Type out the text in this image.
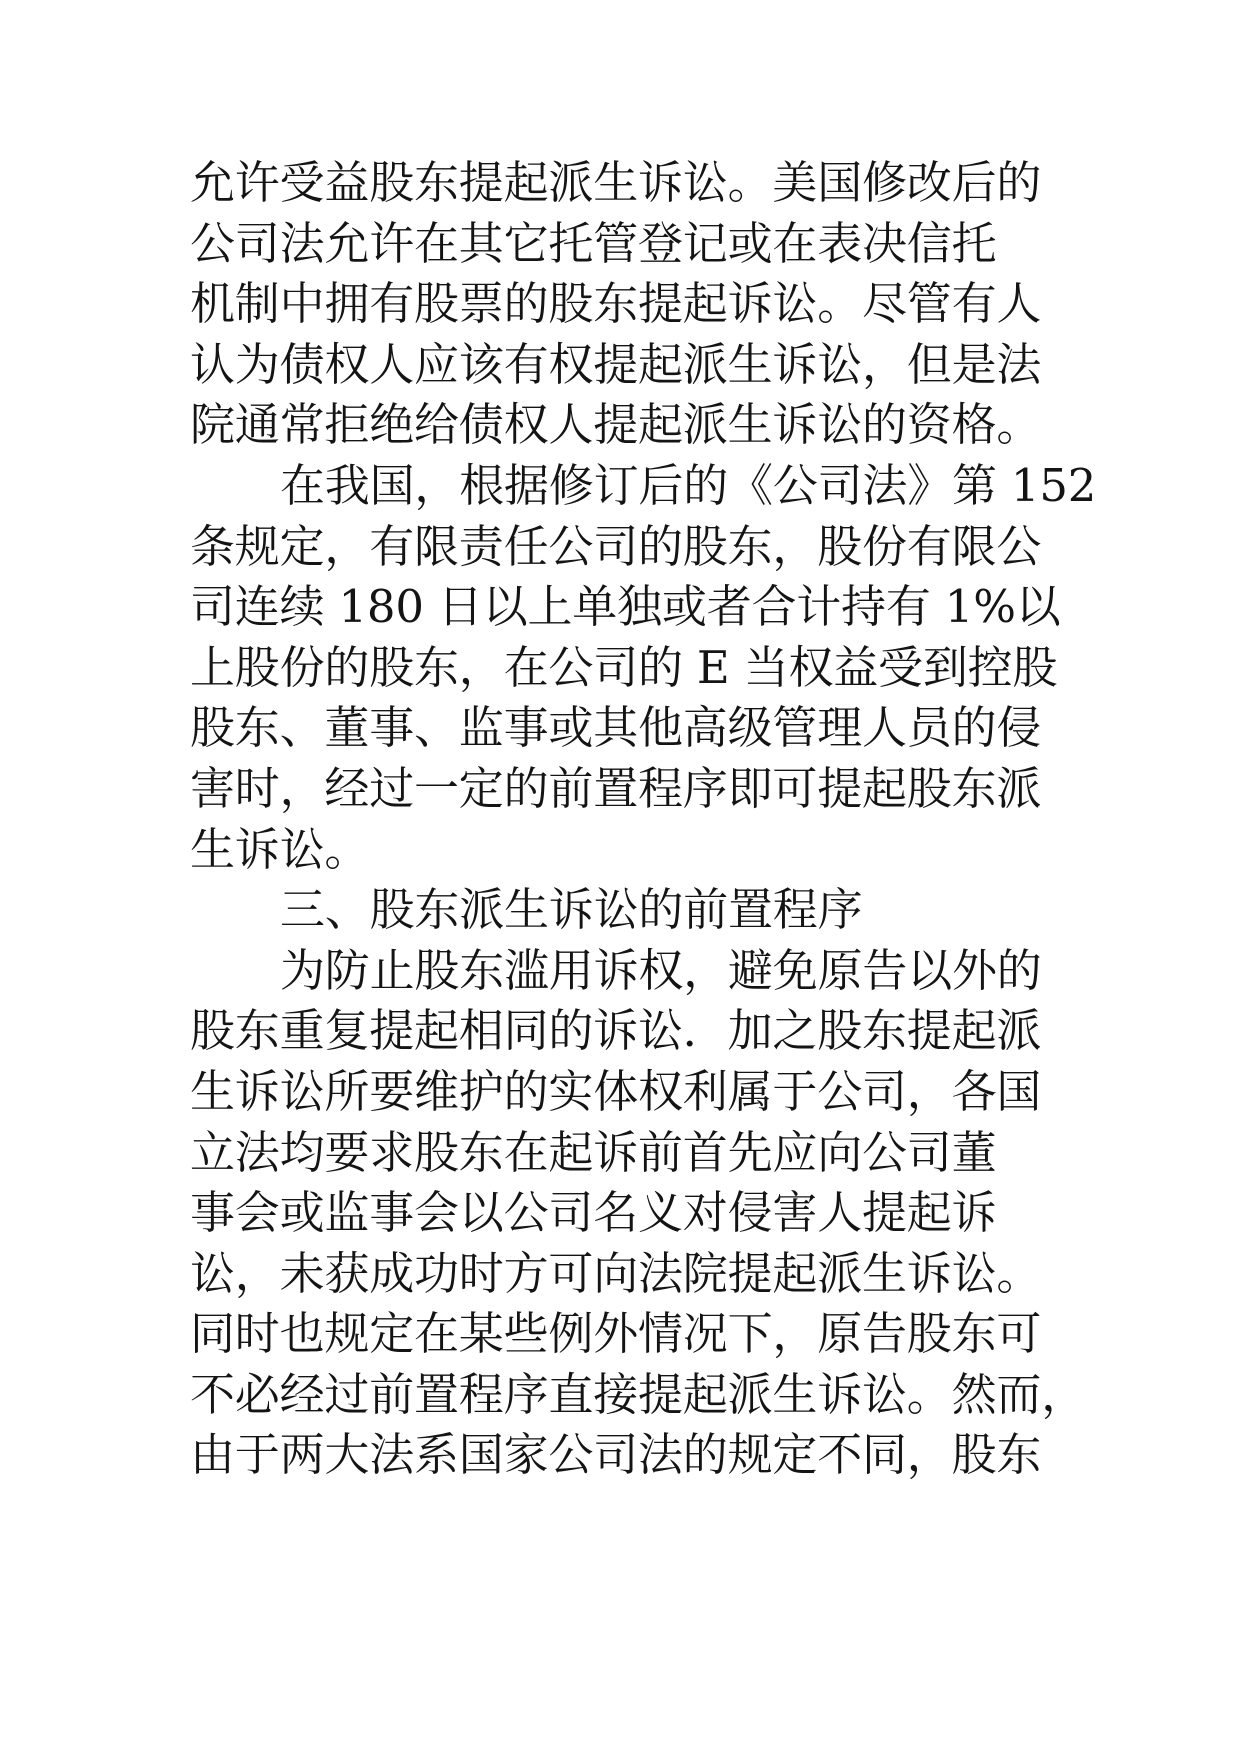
允许受益股东提起派生诉讼。美国修改后的
公司法允许在其它托管登记或在表决信托
机制中拥有股票的股东提起诉讼。尽管有人
认为债权人应该有权提起派生诉讼，但是法
院通常拒绝给债权人提起派生诉讼的资格。
在我国，根据修订后的《公司法》第 152
条规定，有限责任公司的股东，股份有限公
司连续 180 日以上单独或者合计持有 1%以
上股份的股东，在公司的 E 当权益受到控股
股东、董事、监事或其他高级管理人员的侵
害时，经过一定的前置程序即可提起股东派
生诉讼。
三、股东派生诉讼的前置程序
为防止股东滥用诉权，避免原告以外的
股东重复提起相同的诉讼．加之股东提起派
生诉讼所要维护的实体权利属于公司，各国
立法均要求股东在起诉前首先应向公司董
事会或监事会以公司名义对侵害人提起诉
讼，未获成功时方可向法院提起派生诉讼。
同时也规定在某些例外情况下，原告股东可
不必经过前置程序直接提起派生诉讼。然而，
由于两大法系国家公司法的规定不同，股东
